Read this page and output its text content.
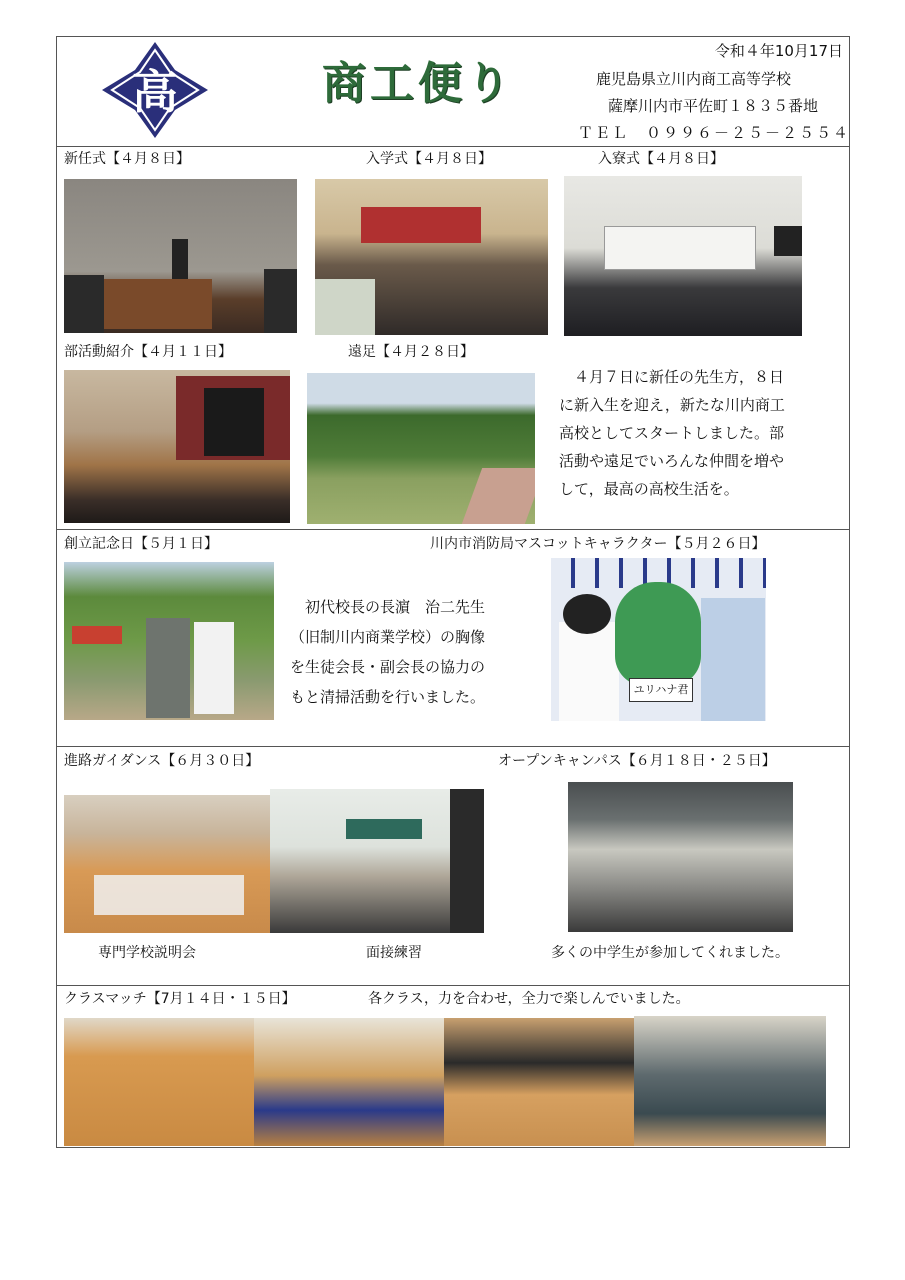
高	商工便り
令和４年10月17日
鹿児島県立川内商工高等学校
薩摩川内市平佐町１８３５番地
ＴＥＬ　０９９６－２５－２５５４
新任式【４月８日】	入学式【４月８日】	入寮式【４月８日】
部活動紹介【４月１１日】	遠足【４月２８日】
　４月７日に新任の先生方，８日
に新入生を迎え，新たな川内商工
高校としてスタートしました。部
活動や遠足でいろんな仲間を増や
して，最高の高校生活を。
創立記念日【５月１日】	川内市消防局マスコットキャラクター【５月２６日】
　初代校長の長濵　治二先生
（旧制川内商業学校）の胸像
を生徒会長・副会長の協力の
もと清掃活動を行いました。	ユリハナ君
進路ガイダンス【６月３０日】	オープンキャンパス【６月１８日・２５日】
専門学校説明会	面接練習	多くの中学生が参加してくれました。
クラスマッチ【7月１４日・１５日】	各クラス，力を合わせ，全力で楽しんでいました。
